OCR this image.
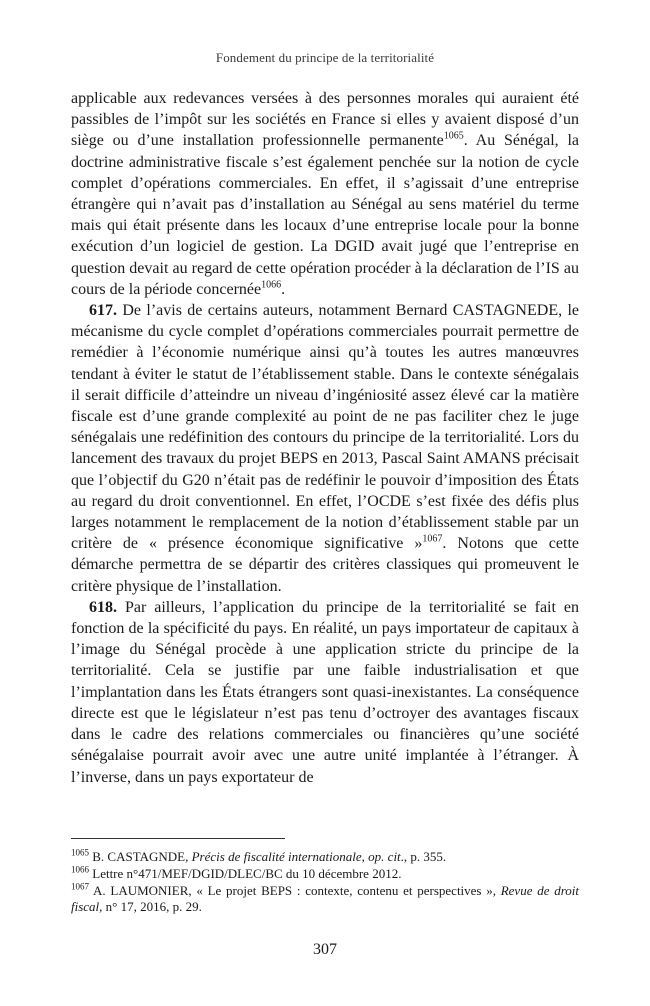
Fondement du principe de la territorialité

applicable aux redevances versées à des personnes morales qui auraient été passibles de l’impôt sur les sociétés en France si elles y avaient disposé d’un siège ou d’une installation professionnelle permanente$^{1065}$. Au Sénégal, la doctrine administrative fiscale s’est également penchée sur la notion de cycle complet d’opérations commerciales. En effet, il s’agissait d’une entreprise étrangère qui n’avait pas d’installation au Sénégal au sens matériel du terme mais qui était présente dans les locaux d’une entreprise locale pour la bonne exécution d’un logiciel de gestion. La DGID avait jugé que l’entreprise en question devait au regard de cette opération procéder à la déclaration de l’IS au cours de la période concernée$^{1066}$.

617. De l’avis de certains auteurs, notamment Bernard CASTAGNEDE, le mécanisme du cycle complet d’opérations commerciales pourrait permettre de remédier à l’économie numérique ainsi qu’à toutes les autres manœuvres tendant à éviter le statut de l’établissement stable. Dans le contexte sénégalais il serait difficile d’atteindre un niveau d’ingéniosité assez élevé car la matière fiscale est d’une grande complexité au point de ne pas faciliter chez le juge sénégalais une redéfinition des contours du principe de la territorialité. Lors du lancement des travaux du projet BEPS en 2013, Pascal Saint AMANS précisait que l’objectif du G20 n’était pas de redéfinir le pouvoir d’imposition des États au regard du droit conventionnel. En effet, l’OCDE s’est fixée des défis plus larges notamment le remplacement de la notion d’établissement stable par un critère de « présence économique significative »$^{1067}$. Notons que cette démarche permettra de se départir des critères classiques qui promeuvent le critère physique de l’installation.

618. Par ailleurs, l’application du principe de la territorialité se fait en fonction de la spécificité du pays. En réalité, un pays importateur de capitaux à l’image du Sénégal procède à une application stricte du principe de la territorialité. Cela se justifie par une faible industrialisation et que l’implantation dans les États étrangers sont quasi-inexistantes. La conséquence directe est que le législateur n’est pas tenu d’octroyer des avantages fiscaux dans le cadre des relations commerciales ou financières qu’une société sénégalaise pourrait avoir avec une autre unité implantée à l’étranger. À l’inverse, dans un pays exportateur de

$^{1065}$ B. CASTAGNDE, Précis de fiscalité internationale, op. cit., p. 355.

$^{1066}$ Lettre n°471/MEF/DGID/DLEC/BC du 10 décembre 2012.

$^{1067}$ A. LAUMONIER, « Le projet BEPS : contexte, contenu et perspectives », Revue de droit fiscal, n° 17, 2016, p. 29.

307
